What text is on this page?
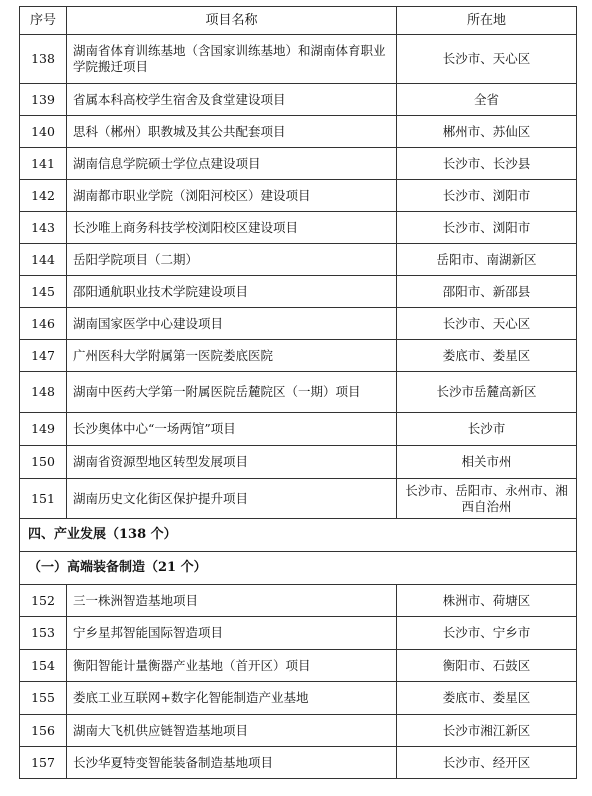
序号	项目名称	所在地
138	湖南省体育训练基地（含国家训练基地）和湖南体育职业学院搬迁项目	长沙市、天心区
139	省属本科高校学生宿舍及食堂建设项目	全省
140	思科（郴州）职教城及其公共配套项目	郴州市、苏仙区
141	湖南信息学院硕士学位点建设项目	长沙市、长沙县
142	湖南都市职业学院（浏阳河校区）建设项目	长沙市、浏阳市
143	长沙唯上商务科技学校浏阳校区建设项目	长沙市、浏阳市
144	岳阳学院项目（二期）	岳阳市、南湖新区
145	邵阳通航职业技术学院建设项目	邵阳市、新邵县
146	湖南国家医学中心建设项目	长沙市、天心区
147	广州医科大学附属第一医院娄底医院	娄底市、娄星区
148	湖南中医药大学第一附属医院岳麓院区（一期）项目	长沙市岳麓高新区
149	长沙奥体中心“一场两馆”项目	长沙市
150	湖南省资源型地区转型发展项目	相关市州
151	湖南历史文化街区保护提升项目	长沙市、岳阳市、永州市、湘西自治州
四、产业发展（138 个）		
（一）高端装备制造（21 个）		
152	三一株洲智造基地项目	株洲市、荷塘区
153	宁乡星邦智能国际智造项目	长沙市、宁乡市
154	衡阳智能计量衡器产业基地（首开区）项目	衡阳市、石鼓区
155	娄底工业互联网+数字化智能制造产业基地	娄底市、娄星区
156	湖南大飞机供应链智造基地项目	长沙市湘江新区
157	长沙华夏特变智能装备制造基地项目	长沙市、经开区
